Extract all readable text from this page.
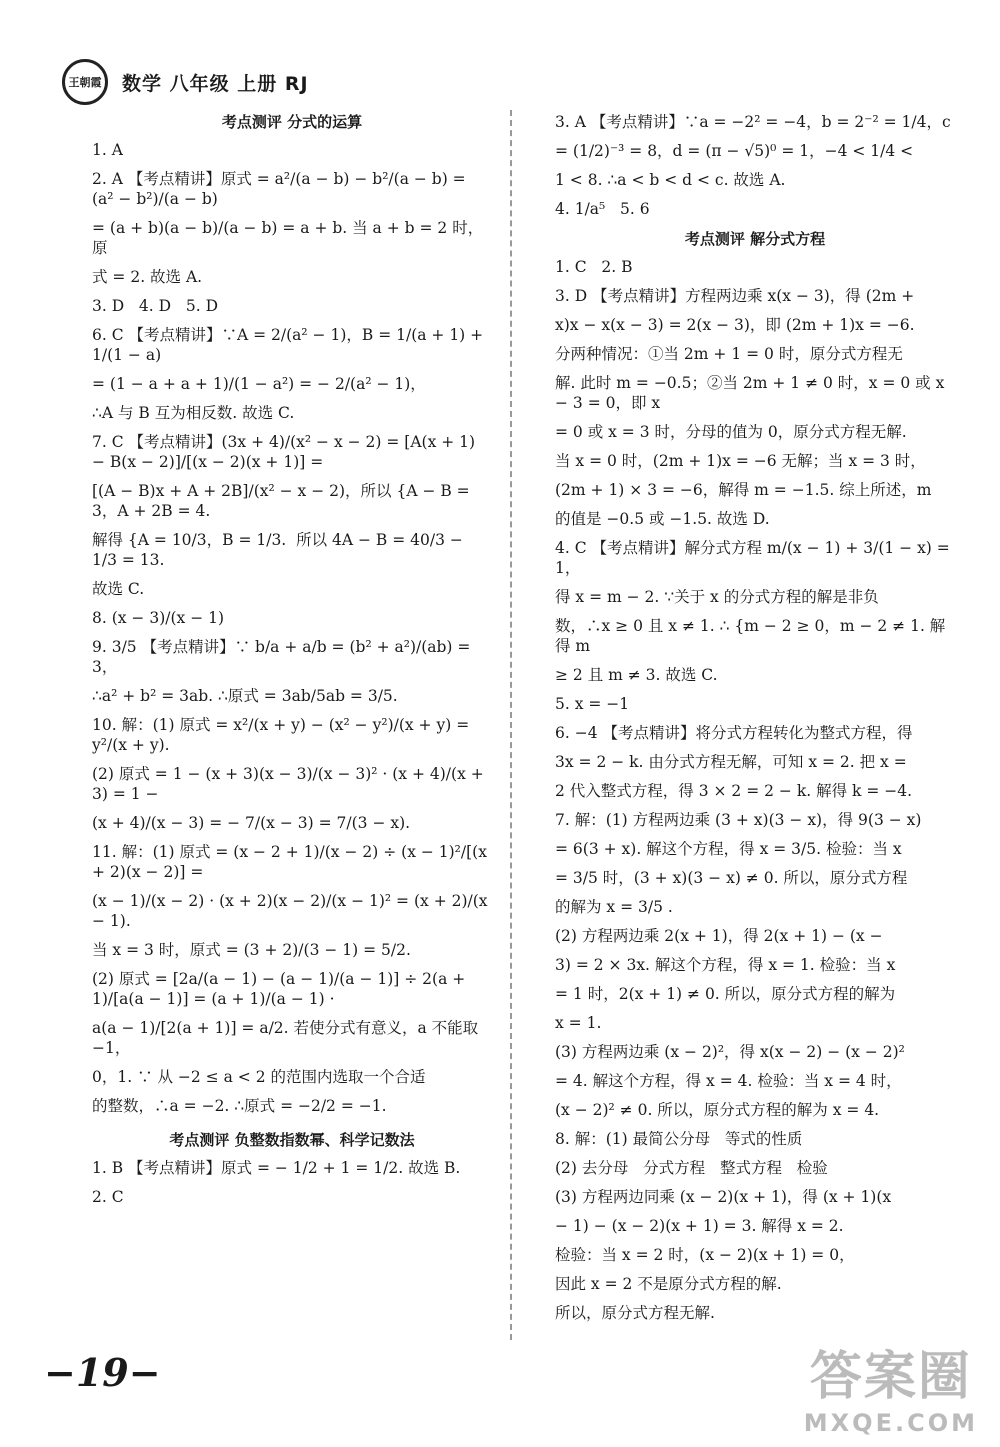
王朝霞 数学 八年级 上册 RJ
考点测评 分式的运算
1. A
2. A 【考点精讲】原式 = a²/(a − b) − b²/(a − b) = (a² − b²)/(a − b)
= (a + b)(a − b)/(a − b) = a + b. 当 a + b = 2 时，原
式 = 2. 故选 A.
3. D   4. D   5. D
6. C 【考点精讲】∵A = 2/(a² − 1)，B = 1/(a + 1) + 1/(1 − a)
= (1 − a + a + 1)/(1 − a²) = − 2/(a² − 1)，
∴A 与 B 互为相反数. 故选 C.
7. C 【考点精讲】(3x + 4)/(x² − x − 2) = [A(x + 1) − B(x − 2)]/[(x − 2)(x + 1)] =
[(A − B)x + A + 2B]/(x² − x − 2)，所以 {A − B = 3，A + 2B = 4.
解得 {A = 10/3，B = 1/3.  所以 4A − B = 40/3 − 1/3 = 13.
故选 C.
8. (x − 3)/(x − 1)
9. 3/5 【考点精讲】∵ b/a + a/b = (b² + a²)/(ab) = 3，
∴a² + b² = 3ab. ∴原式 = 3ab/5ab = 3/5.
10. 解：(1) 原式 = x²/(x + y) − (x² − y²)/(x + y) = y²/(x + y).
(2) 原式 = 1 − (x + 3)(x − 3)/(x − 3)² · (x + 4)/(x + 3) = 1 −
(x + 4)/(x − 3) = − 7/(x − 3) = 7/(3 − x).
11. 解：(1) 原式 = (x − 2 + 1)/(x − 2) ÷ (x − 1)²/[(x + 2)(x − 2)] =
(x − 1)/(x − 2) · (x + 2)(x − 2)/(x − 1)² = (x + 2)/(x − 1).
当 x = 3 时，原式 = (3 + 2)/(3 − 1) = 5/2.
(2) 原式 = [2a/(a − 1) − (a − 1)/(a − 1)] ÷ 2(a + 1)/[a(a − 1)] = (a + 1)/(a − 1) ·
a(a − 1)/[2(a + 1)] = a/2. 若使分式有意义，a 不能取 −1，
0，1. ∵ 从 −2 ≤ a < 2 的范围内选取一个合适
的整数，∴a = −2. ∴原式 = −2/2 = −1.
考点测评 负整数指数幂、科学记数法
1. B 【考点精讲】原式 = − 1/2 + 1 = 1/2. 故选 B.
2. C
3. A 【考点精讲】∵a = −2² = −4，b = 2⁻² = 1/4，c
= (1/2)⁻³ = 8，d = (π − √5)⁰ = 1，−4 < 1/4 <
1 < 8. ∴a < b < d < c. 故选 A.
4. 1/a⁵   5. 6
考点测评 解分式方程
1. C   2. B
3. D 【考点精讲】方程两边乘 x(x − 3)，得 (2m +
x)x − x(x − 3) = 2(x − 3)，即 (2m + 1)x = −6.
分两种情况：①当 2m + 1 = 0 时，原分式方程无
解. 此时 m = −0.5；②当 2m + 1 ≠ 0 时，x = 0 或 x − 3 = 0，即 x
= 0 或 x = 3 时，分母的值为 0，原分式方程无解.
当 x = 0 时，(2m + 1)x = −6 无解；当 x = 3 时，
(2m + 1) × 3 = −6，解得 m = −1.5. 综上所述，m
的值是 −0.5 或 −1.5. 故选 D.
4. C 【考点精讲】解分式方程 m/(x − 1) + 3/(1 − x) = 1，
得 x = m − 2. ∵关于 x 的分式方程的解是非负
数，∴x ≥ 0 且 x ≠ 1. ∴ {m − 2 ≥ 0，m − 2 ≠ 1. 解得 m
≥ 2 且 m ≠ 3. 故选 C.
5. x = −1
6. −4 【考点精讲】将分式方程转化为整式方程，得
3x = 2 − k. 由分式方程无解，可知 x = 2. 把 x =
2 代入整式方程，得 3 × 2 = 2 − k. 解得 k = −4.
7. 解：(1) 方程两边乘 (3 + x)(3 − x)，得 9(3 − x)
= 6(3 + x). 解这个方程，得 x = 3/5. 检验：当 x
= 3/5 时，(3 + x)(3 − x) ≠ 0. 所以，原分式方程
的解为 x = 3/5 .
(2) 方程两边乘 2(x + 1)，得 2(x + 1) − (x −
3) = 2 × 3x. 解这个方程，得 x = 1. 检验：当 x
= 1 时，2(x + 1) ≠ 0. 所以，原分式方程的解为
x = 1.
(3) 方程两边乘 (x − 2)²，得 x(x − 2) − (x − 2)²
= 4. 解这个方程，得 x = 4. 检验：当 x = 4 时，
(x − 2)² ≠ 0. 所以，原分式方程的解为 x = 4.
8. 解：(1) 最简公分母   等式的性质
(2) 去分母   分式方程   整式方程   检验
(3) 方程两边同乘 (x − 2)(x + 1)，得 (x + 1)(x
− 1) − (x − 2)(x + 1) = 3. 解得 x = 2.
检验：当 x = 2 时，(x − 2)(x + 1) = 0，
因此 x = 2 不是原分式方程的解.
所以，原分式方程无解.
−19−	答案圈
MXQE.COM
